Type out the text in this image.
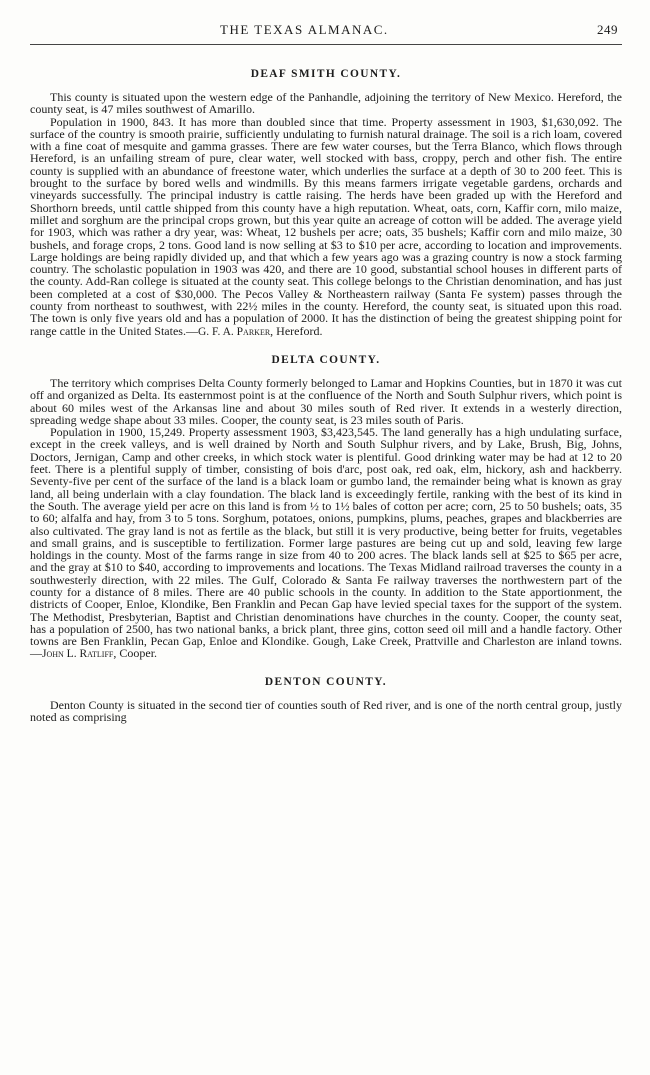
THE TEXAS ALMANAC.	249
DEAF SMITH COUNTY.

This county is situated upon the western edge of the Panhandle, adjoining the territory of New Mexico. Hereford, the county seat, is 47 miles southwest of Amarillo.

Population in 1900, 843. It has more than doubled since that time. Property assessment in 1903, $1,630,092. The surface of the country is smooth prairie, sufficiently undulating to furnish natural drainage. The soil is a rich loam, covered with a fine coat of mesquite and gamma grasses. There are few water courses, but the Terra Blanco, which flows through Hereford, is an unfailing stream of pure, clear water, well stocked with bass, croppy, perch and other fish. The entire county is supplied with an abundance of freestone water, which underlies the surface at a depth of 30 to 200 feet. This is brought to the surface by bored wells and windmills. By this means farmers irrigate vegetable gardens, orchards and vineyards successfully. The principal industry is cattle raising. The herds have been graded up with the Hereford and Shorthorn breeds, until cattle shipped from this county have a high reputation. Wheat, oats, corn, Kaffir corn, milo maize, millet and sorghum are the principal crops grown, but this year quite an acreage of cotton will be added. The average yield for 1903, which was rather a dry year, was: Wheat, 12 bushels per acre; oats, 35 bushels; Kaffir corn and milo maize, 30 bushels, and forage crops, 2 tons. Good land is now selling at $3 to $10 per acre, according to location and improvements. Large holdings are being rapidly divided up, and that which a few years ago was a grazing country is now a stock farming country. The scholastic population in 1903 was 420, and there are 10 good, substantial school houses in different parts of the county. Add-Ran college is situated at the county seat. This college belongs to the Christian denomination, and has just been completed at a cost of $30,000. The Pecos Valley & Northeastern railway (Santa Fe system) passes through the county from northeast to southwest, with 22½ miles in the county. Hereford, the county seat, is situated upon this road. The town is only five years old and has a population of 2000. It has the distinction of being the greatest shipping point for range cattle in the United States.—G. F. A. Parker, Hereford.

DELTA COUNTY.

The territory which comprises Delta County formerly belonged to Lamar and Hopkins Counties, but in 1870 it was cut off and organized as Delta. Its easternmost point is at the confluence of the North and South Sulphur rivers, which point is about 60 miles west of the Arkansas line and about 30 miles south of Red river. It extends in a westerly direction, spreading wedge shape about 33 miles. Cooper, the county seat, is 23 miles south of Paris.

Population in 1900, 15,249. Property assessment 1903, $3,423,545. The land generally has a high undulating surface, except in the creek valleys, and is well drained by North and South Sulphur rivers, and by Lake, Brush, Big, Johns, Doctors, Jernigan, Camp and other creeks, in which stock water is plentiful. Good drinking water may be had at 12 to 20 feet. There is a plentiful supply of timber, consisting of bois d'arc, post oak, red oak, elm, hickory, ash and hackberry. Seventy-five per cent of the surface of the land is a black loam or gumbo land, the remainder being what is known as gray land, all being underlain with a clay foundation. The black land is exceedingly fertile, ranking with the best of its kind in the South. The average yield per acre on this land is from ½ to 1½ bales of cotton per acre; corn, 25 to 50 bushels; oats, 35 to 60; alfalfa and hay, from 3 to 5 tons. Sorghum, potatoes, onions, pumpkins, plums, peaches, grapes and blackberries are also cultivated. The gray land is not as fertile as the black, but still it is very productive, being better for fruits, vegetables and small grains, and is susceptible to fertilization. Former large pastures are being cut up and sold, leaving few large holdings in the county. Most of the farms range in size from 40 to 200 acres. The black lands sell at $25 to $65 per acre, and the gray at $10 to $40, according to improvements and locations. The Texas Midland railroad traverses the county in a southwesterly direction, with 22 miles. The Gulf, Colorado & Santa Fe railway traverses the northwestern part of the county for a distance of 8 miles. There are 40 public schools in the county. In addition to the State apportionment, the districts of Cooper, Enloe, Klondike, Ben Franklin and Pecan Gap have levied special taxes for the support of the system. The Methodist, Presbyterian, Baptist and Christian denominations have churches in the county. Cooper, the county seat, has a population of 2500, has two national banks, a brick plant, three gins, cotton seed oil mill and a handle factory. Other towns are Ben Franklin, Pecan Gap, Enloe and Klondike. Gough, Lake Creek, Prattville and Charleston are inland towns.—John L. Ratliff, Cooper.

DENTON COUNTY.

Denton County is situated in the second tier of counties south of Red river, and is one of the north central group, justly noted as comprising
